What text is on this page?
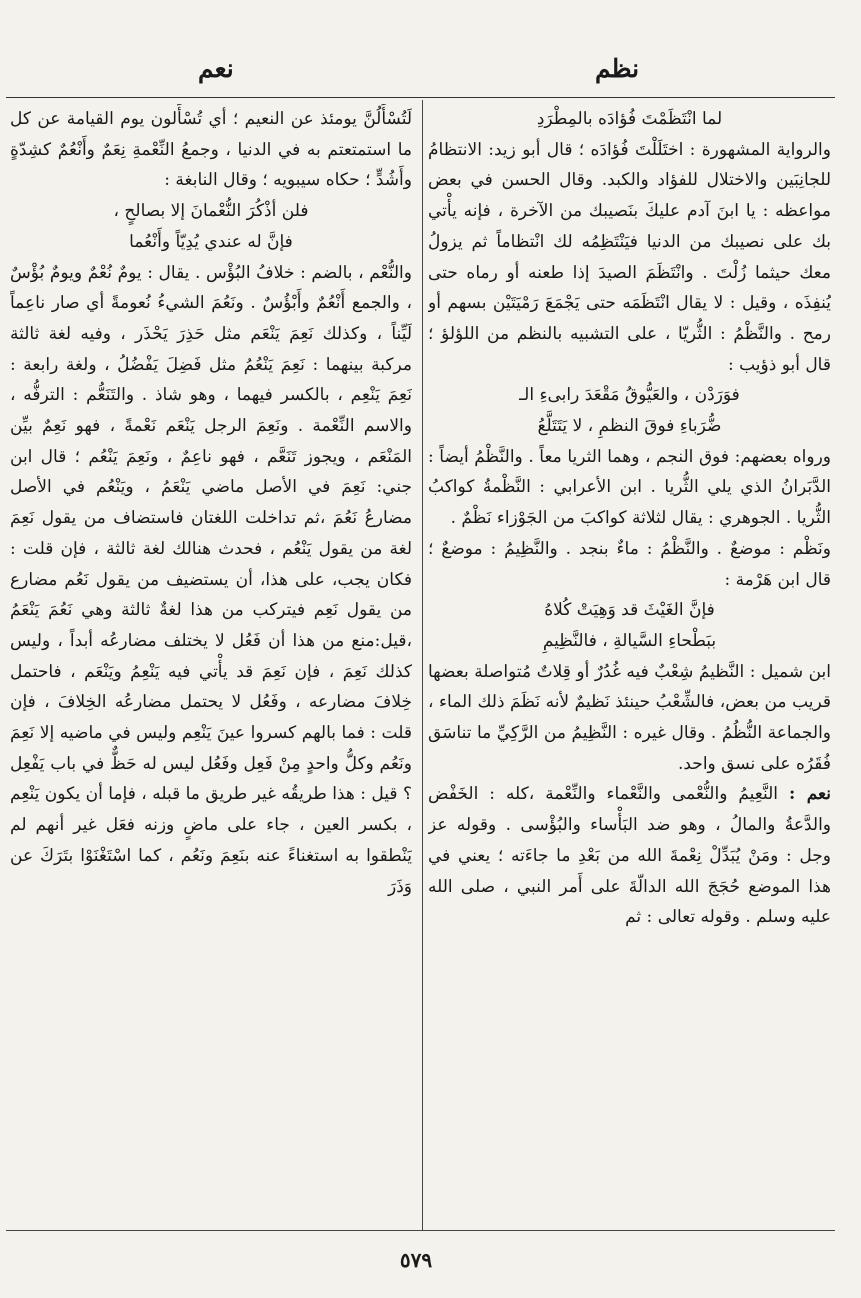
نظم
نعم

لما انْتَظَمْتَ فُؤادَه بالمِطْرَدِ

والرواية المشهورة : اختَلَلْتَ فُؤادَه ؛ قال أبو زيد: الانتظامُ للجانِبَين والاختلال للفؤاد والكبد. وقال الحسن في بعض مواعظه : يا ابنَ آدم عليكَ بنَصيبك من الآخرة ، فإنه يأْتي بك على نصيبك من الدنيا فيَنْتَظِمُه لك انْتظاماً ثم يزولُ معك حيثما زُلْتَ . وانْتَظَمَ الصيدَ إذا طعنه أو رماه حتى يُنفِذَه ، وقيل : لا يقال انْتَظَمَه حتى يَجْمَعَ رَمْيَتَيْن بسهم أو رمح . والنَّظْمُ : الثُّريّا ، على التشبيه بالنظم من اللؤلؤ ؛ قال أبو ذؤيب :

فوَرَدْن ، والعَيُّوقُ مَقْعَدَ رابىءِ الـ
ضُّرَباءِ فوقَ النظمِ ، لا يَتَتَلَّعُ

ورواه بعضهم: فوق النجم ، وهما الثريا معاً . والنَّظْمُ أيضاً : الدَّبَرانُ الذي يلي الثُّريا . ابن الأعرابي : النَّظْمةُ كواكبُ الثُّريا . الجوهري : يقال لثلاثة كواكبَ من الجَوْزاء نَظْمٌ .

ونَظْم : موضعٌ . والنَّظْمُ : ماءٌ بنجد . والنَّظِيمُ : موضعٌ ؛ قال ابن هَرْمة :

فإنَّ الغَيْثَ قد وَهِيَتْ كُلاهُ
ببَطْحاءِ السَّيالةِ ، فالنَّظِيمِ

ابن شميل : النَّظيمُ شِعْبٌ فيه غُدُرٌ أو قِلاتٌ مُتواصلة بعضها قريب من بعض، فالشِّعْبُ حينئذ نَظيمٌ لأنه نَظَمَ ذلك الماء ، والجماعة النُّظُمُ . وقال غيره : النَّظِيمُ من الرَّكِيِّ ما تناسَق فُقَرُه على نسق واحد.

نعم : النَّعِيمُ والنُّعْمى والنَّعْماء والنِّعْمة ،كله : الخَفْض والدَّعةُ والمالُ ، وهو ضد البَأْساء والبُؤْسى . وقوله عز وجل : ومَنْ يُبَدِّلْ نِعْمةَ الله من بَعْدِ ما جاءَته ؛ يعني في هذا الموضع حُجَجَ الله الدالّةَ على أَمر النبي ، صلى الله عليه وسلم . وقوله تعالى : ثم

لَتُسْأَلُنَّ يومئذ عن النعيم ؛ أي تُسْأَلون يوم القيامة عن كل ما استمتعتم به في الدنيا ، وجمعُ النِّعْمةِ نِعَمٌ وأَنْعُمٌ كشِدّةٍ وأَشُدٍّ ؛ حكاه سيبويه ؛ وقال النابغة :

فلن أذْكُرَ النُّعْمانَ إلا بصالحٍ ،
فإنَّ له عندي يُدِيّاً وأَنْعُما

والنُّعْم ، بالضم : خلافُ البُؤْس . يقال : يومٌ نُعْمٌ ويومٌ بُؤْسٌ ، والجمع أَنْعُمٌ وأَبْؤُسٌ . ونَعُمَ الشيءُ نُعومةً أي صار ناعِماً لَيِّناً ، وكذلك نَعِمَ يَنْعَم مثل حَذِرَ يَحْذَر ، وفيه لغة ثالثة مركبة بينهما : نَعِمَ يَنْعُمُ مثل فَضِلَ يَفْضُلُ ، ولغة رابعة : نَعِمَ يَنْعِم ، بالكسر فيهما ، وهو شاذ . والتَنَعُّم : الترفُّه ، والاسم النِّعْمة . ونَعِمَ الرجل يَنْعَم نَعْمةً ، فهو نَعِمٌ بيِّن المَنْعَم ، ويجوز تَنَعَّم ، فهو ناعِمٌ ، ونَعِمَ يَنْعُم ؛ قال ابن جني: نَعِمَ في الأصل ماضي يَنْعَمُ ، ويَنْعُم في الأصل مضارعُ نَعُمَ ،ثم تداخلت اللغتان فاستضاف من يقول نَعِمَ لغة من يقول يَنْعُم ، فحدث هنالك لغة ثالثة ، فإن قلت : فكان يجب، على هذا، أن يستضيف من يقول نَعُم مضارع من يقول نَعِم فيتركب من هذا لغةٌ ثالثة وهي نَعُمَ يَنْعَمُ ،قيل:منع من هذا أن فَعُل لا يختلف مضارعُه أبداً ، وليس كذلك نَعِمَ ، فإن نَعِمَ قد يأْتي فيه يَنْعِمُ ويَنْعَم ، فاحتمل خِلافَ مضارعه ، وفَعُل لا يحتمل مضارعُه الخِلافَ ، فإن قلت : فما بالهم كسروا عينَ يَنْعِم وليس في ماضيه إلا نَعِمَ ونَعُم وكلُّ واحدٍ مِنْ فَعِل وفَعُل ليس له حَظٌّ في باب يَفْعِل ؟ قيل : هذا طريقُه غير طريق ما قبله ، فإما أن يكون يَنْعِم ، بكسر العين ، جاء على ماضٍ وزنه فعَل غير أنهم لم يَنْطقوا به استغناءً عنه بنَعِمَ ونَعُم ، كما اسْتَغْنَوْا بتَرَكَ عن وَذَرَ

٥٧٩
